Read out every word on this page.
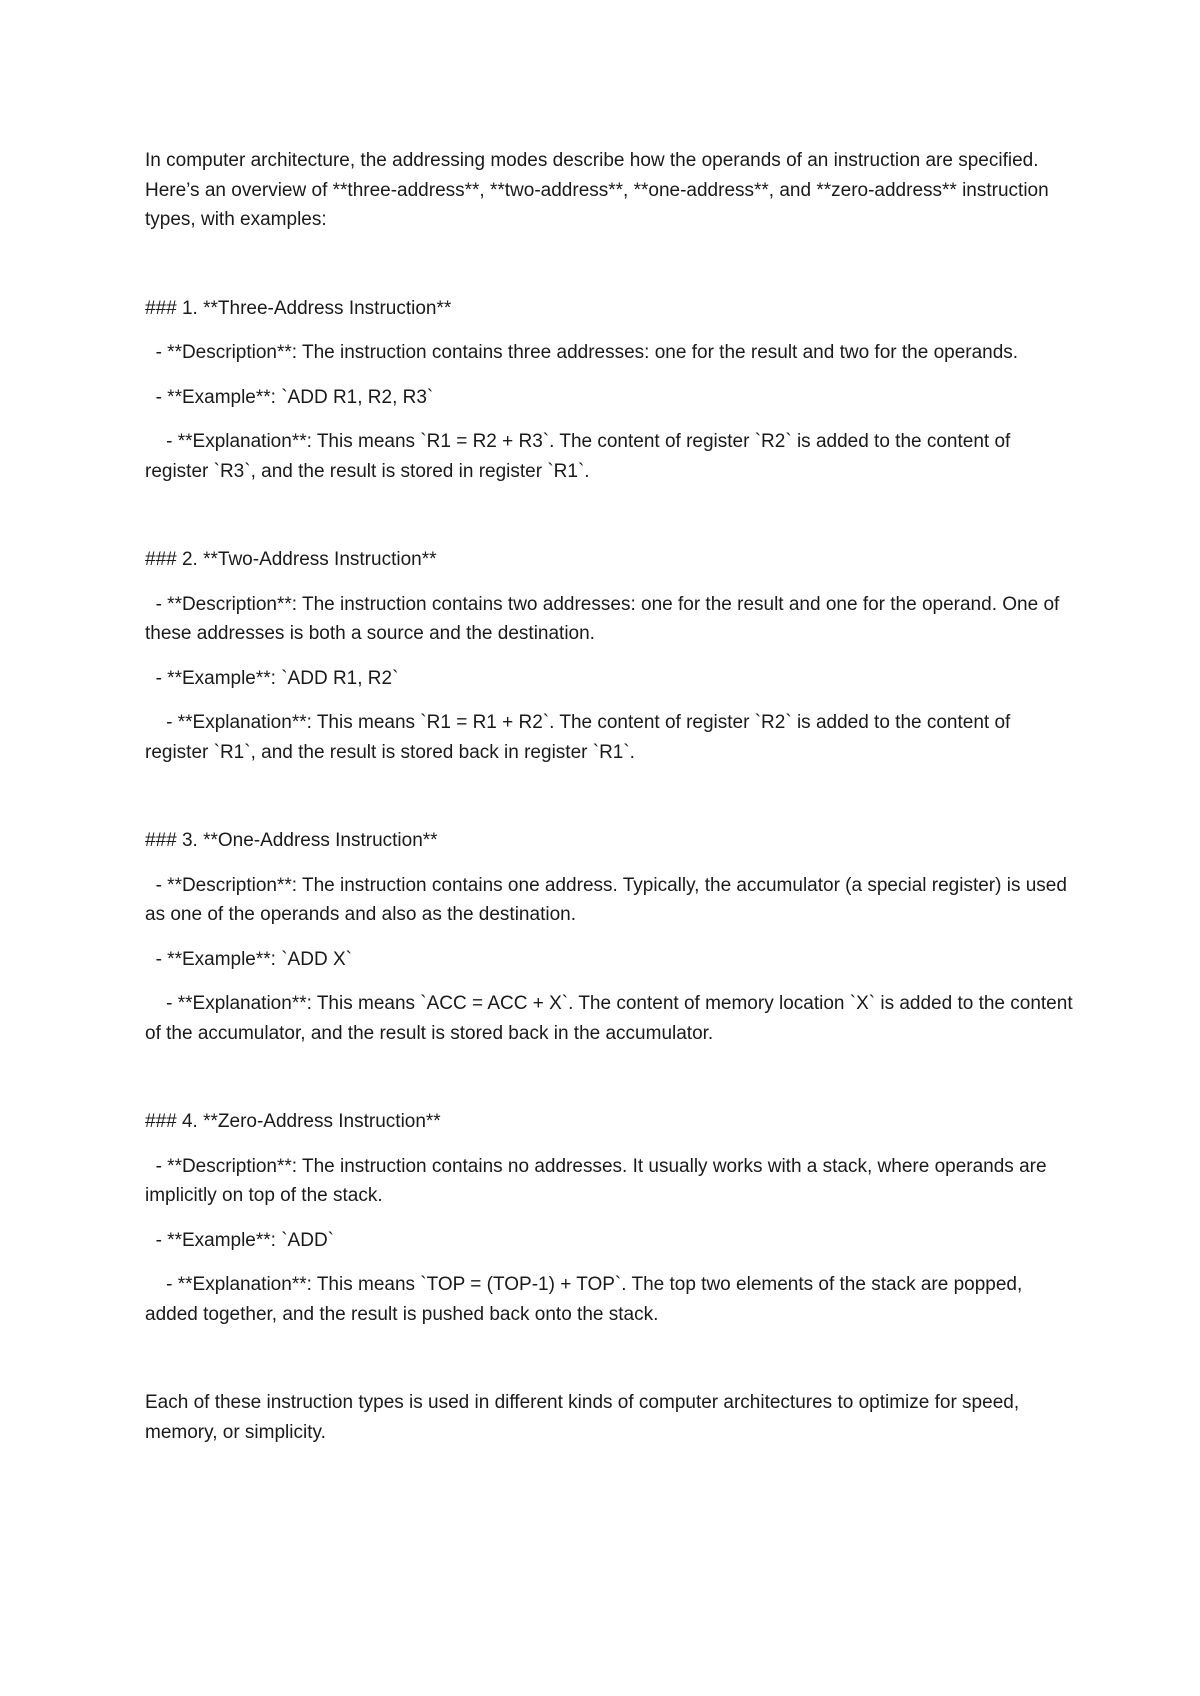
In computer architecture, the addressing modes describe how the operands of an instruction are specified. Here’s an overview of **three-address**, **two-address**, **one-address**, and **zero-address** instruction types, with examples:

### 1. **Three-Address Instruction**

- **Description**: The instruction contains three addresses: one for the result and two for the operands.

- **Example**: `ADD R1, R2, R3`

- **Explanation**: This means `R1 = R2 + R3`. The content of register `R2` is added to the content of register `R3`, and the result is stored in register `R1`.

### 2. **Two-Address Instruction**

- **Description**: The instruction contains two addresses: one for the result and one for the operand. One of these addresses is both a source and the destination.

- **Example**: `ADD R1, R2`

- **Explanation**: This means `R1 = R1 + R2`. The content of register `R2` is added to the content of register `R1`, and the result is stored back in register `R1`.

### 3. **One-Address Instruction**

- **Description**: The instruction contains one address. Typically, the accumulator (a special register) is used as one of the operands and also as the destination.

- **Example**: `ADD X`

- **Explanation**: This means `ACC = ACC + X`. The content of memory location `X` is added to the content of the accumulator, and the result is stored back in the accumulator.

### 4. **Zero-Address Instruction**

- **Description**: The instruction contains no addresses. It usually works with a stack, where operands are implicitly on top of the stack.

- **Example**: `ADD`

- **Explanation**: This means `TOP = (TOP-1) + TOP`. The top two elements of the stack are popped, added together, and the result is pushed back onto the stack.

Each of these instruction types is used in different kinds of computer architectures to optimize for speed, memory, or simplicity.
